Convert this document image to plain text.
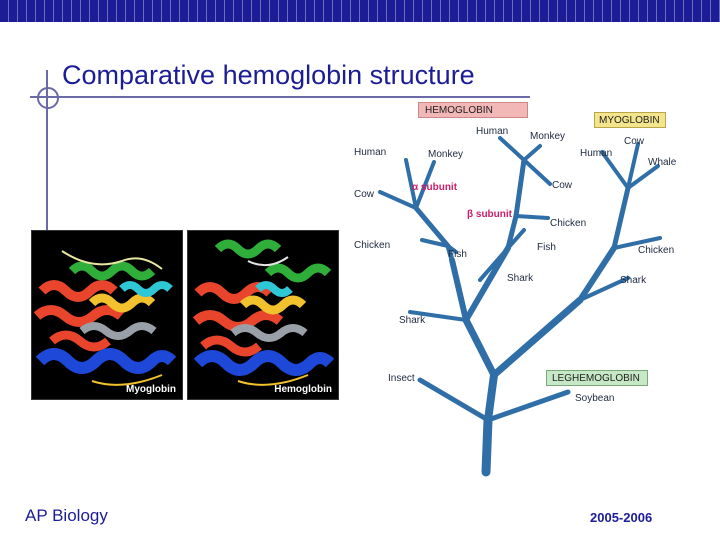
Comparative hemoglobin structure
Myoglobin	Hemoglobin
Human	Monkey
Cow
Chicken
Fish
Human Monkey
Cow
Chicken
Fish
Shark
Human
Cow
Whale
Chicken
Shark
Shark
Insect
Soybean
HEMOGLOBIN
MYOGLOBIN
LEGHEMOGLOBIN
α subunit
β subunit
AP Biology	2005-2006
